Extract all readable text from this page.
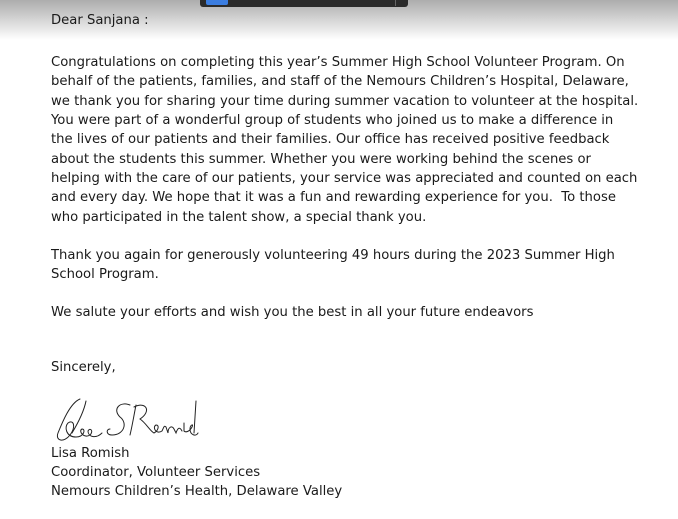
Dear Sanjana :
Congratulations on completing this year’s Summer High School Volunteer Program. On
behalf of the patients, families, and staff of the Nemours Children’s Hospital, Delaware,
we thank you for sharing your time during summer vacation to volunteer at the hospital.
You were part of a wonderful group of students who joined us to make a difference in
the lives of our patients and their families. Our office has received positive feedback
about the students this summer. Whether you were working behind the scenes or
helping with the care of our patients, your service was appreciated and counted on each
and every day. We hope that it was a fun and rewarding experience for you.  To those
who participated in the talent show, a special thank you.
Thank you again for generously volunteering 49 hours during the 2023 Summer High
School Program.
We salute your efforts and wish you the best in all your future endeavors
Sincerely,
Lisa Romish
Coordinator, Volunteer Services
Nemours Children’s Health, Delaware Valley
